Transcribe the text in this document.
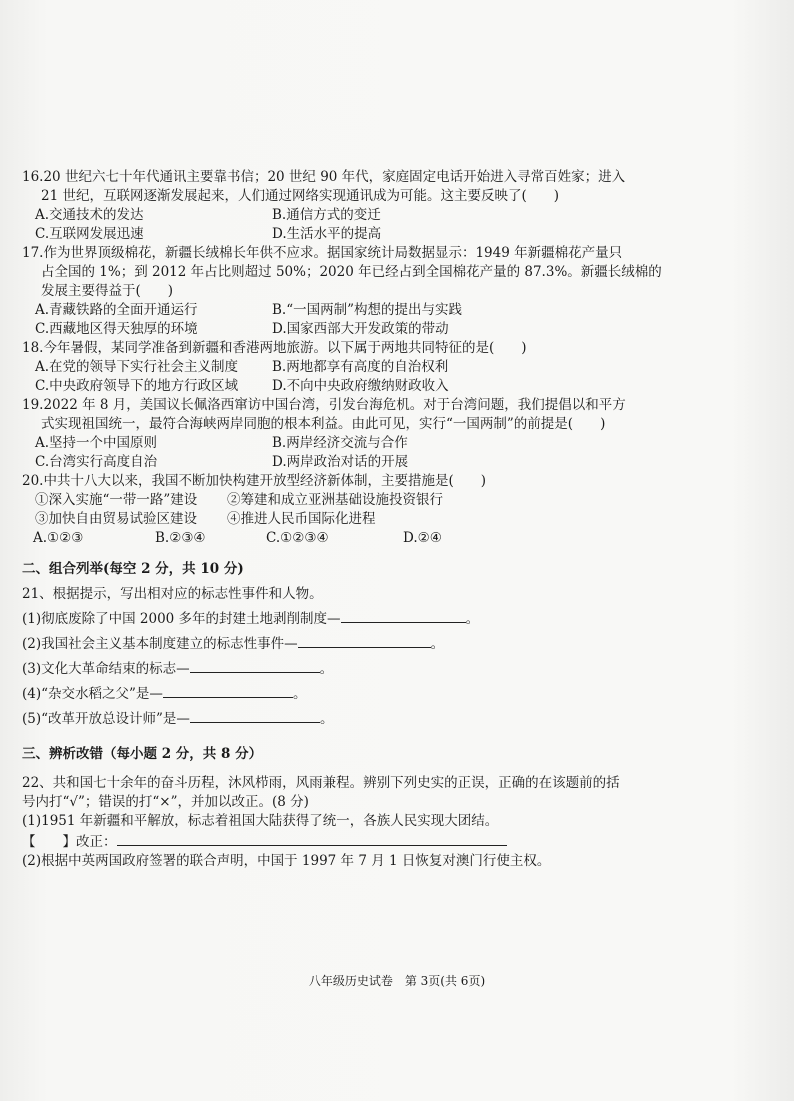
16.20 世纪六七十年代通讯主要靠书信；20 世纪 90 年代，家庭固定电话开始进入寻常百姓家；进入

21 世纪，互联网逐渐发展起来，人们通过网络实现通讯成为可能。这主要反映了(　　)

A.交通技术的发达	B.通信方式的变迁
C.互联网发展迅速	D.生活水平的提高

17.作为世界顶级棉花，新疆长绒棉长年供不应求。据国家统计局数据显示：1949 年新疆棉花产量只

占全国的 1%；到 2012 年占比则超过 50%；2020 年已经占到全国棉花产量的 87.3%。新疆长绒棉的

发展主要得益于(　　)

A.青藏铁路的全面开通运行	B.“一国两制”构想的提出与实践
C.西藏地区得天独厚的环境	D.国家西部大开发政策的带动

18.今年暑假，某同学准备到新疆和香港两地旅游。以下属于两地共同特征的是(　　)

A.在党的领导下实行社会主义制度	B.两地都享有高度的自治权利
C.中央政府领导下的地方行政区域	D.不向中央政府缴纳财政收入

19.2022 年 8 月，美国议长佩洛西窜访中国台湾，引发台海危机。对于台湾问题，我们提倡以和平方

式实现祖国统一，最符合海峡两岸同胞的根本利益。由此可见，实行“一国两制”的前提是(　　)

A.坚持一个中国原则	B.两岸经济交流与合作
C.台湾实行高度自治	D.两岸政治对话的开展

20.中共十八大以来，我国不断加快构建开放型经济新体制，主要措施是(　　)

①深入实施“一带一路”建设	②筹建和成立亚洲基础设施投资银行
③加快自由贸易试验区建设	④推进人民币国际化进程
A.①②③	B.②③④	C.①②③④	D.②④
二、组合列举(每空 2 分，共 10 分)

21、根据提示，写出相对应的标志性事件和人物。

(1)彻底废除了中国 2000 多年的封建土地剥削制度—	。

(2)我国社会主义基本制度建立的标志性事件—	。

(3)文化大革命结束的标志—	。

(4)“杂交水稻之父”是—	。

(5)“改革开放总设计师”是—	。

三、辨析改错（每小题 2 分，共 8 分）

22、共和国七十余年的奋斗历程，沐风栉雨，风雨兼程。辨别下列史实的正误，正确的在该题前的括

号内打“√”；错误的打“×”，并加以改正。(8 分)

(1)1951 年新疆和平解放，标志着祖国大陆获得了统一，各族人民实现大团结。

【　　】改正：

(2)根据中英两国政府签署的联合声明，中国于 1997 年 7 月 1 日恢复对澳门行使主权。

八年级历史试卷　第 3页(共 6页)
